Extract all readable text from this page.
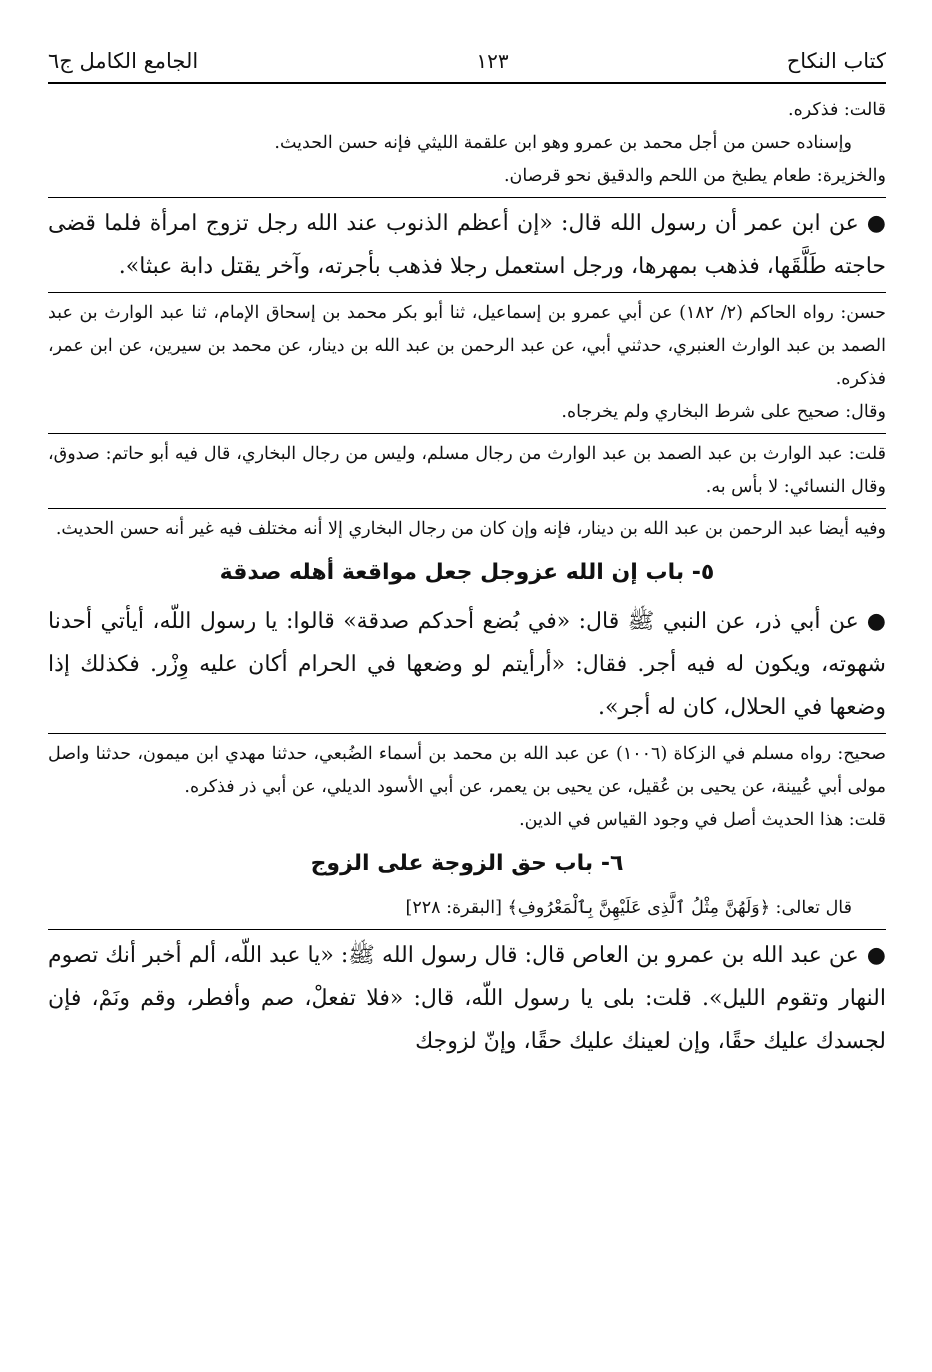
كتاب النكاح
١٢٣
الجامع الكامل ج٦

قالت: فذكره.

وإسناده حسن من أجل محمد بن عمرو وهو ابن علقمة الليثي فإنه حسن الحديث.

والخزيرة: طعام يطبخ من اللحم والدقيق نحو قرصان.

●عن ابن عمر أن رسول الله قال: «إن أعظم الذنوب عند الله رجل تزوج امرأة فلما قضى حاجته طَلَّقَها، فذهب بمهرها، ورجل استعمل رجلا فذهب بأجرته، وآخر يقتل دابة عبثا».

حسن: رواه الحاكم (٢/ ١٨٢) عن أبي عمرو بن إسماعيل، ثنا أبو بكر محمد بن إسحاق الإمام، ثنا عبد الوارث بن عبد الصمد بن عبد الوارث العنبري، حدثني أبي، عن عبد الرحمن بن عبد الله بن دينار، عن محمد بن سيرين، عن ابن عمر، فذكره.

وقال: صحيح على شرط البخاري ولم يخرجاه.

قلت: عبد الوارث بن عبد الصمد بن عبد الوارث من رجال مسلم، وليس من رجال البخاري، قال فيه أبو حاتم: صدوق، وقال النسائي: لا بأس به.

وفيه أيضا عبد الرحمن بن عبد الله بن دينار، فإنه وإن كان من رجال البخاري إلا أنه مختلف فيه غير أنه حسن الحديث.

٥- باب إن الله عزوجل جعل مواقعة أهله صدقة

●عن أبي ذر، عن النبي ﷺ قال: «في بُضع أحدكم صدقة» قالوا: يا رسول اللّه، أيأتي أحدنا شهوته، ويكون له فيه أجر. فقال: «أرأيتم لو وضعها في الحرام أكان عليه وِزْر. فكذلك إذا وضعها في الحلال، كان له أجر».

صحيح: رواه مسلم في الزكاة (١٠٠٦) عن عبد الله بن محمد بن أسماء الضُبعي، حدثنا مهدي ابن ميمون، حدثنا واصل مولى أبي عُيينة، عن يحيى بن عُقيل، عن يحيى بن يعمر، عن أبي الأسود الديلي، عن أبي ذر فذكره.

قلت: هذا الحديث أصل في وجود القياس في الدين.

٦- باب حق الزوجة على الزوج

قال تعالى: ﴿وَلَهُنَّ مِثْلُ ٱلَّذِى عَلَيْهِنَّ بِٱلْمَعْرُوفِ﴾ [البقرة: ٢٢٨]

●عن عبد الله بن عمرو بن العاص قال: قال رسول الله ﷺ: «يا عبد اللّه، ألم أخبر أنك تصوم النهار وتقوم الليل». قلت: بلى يا رسول اللّه، قال: «فلا تفعلْ، صم وأفطر، وقم ونَمْ، فإن لجسدك عليك حقًا، وإن لعينك عليك حقًا، وإنّ لزوجك
